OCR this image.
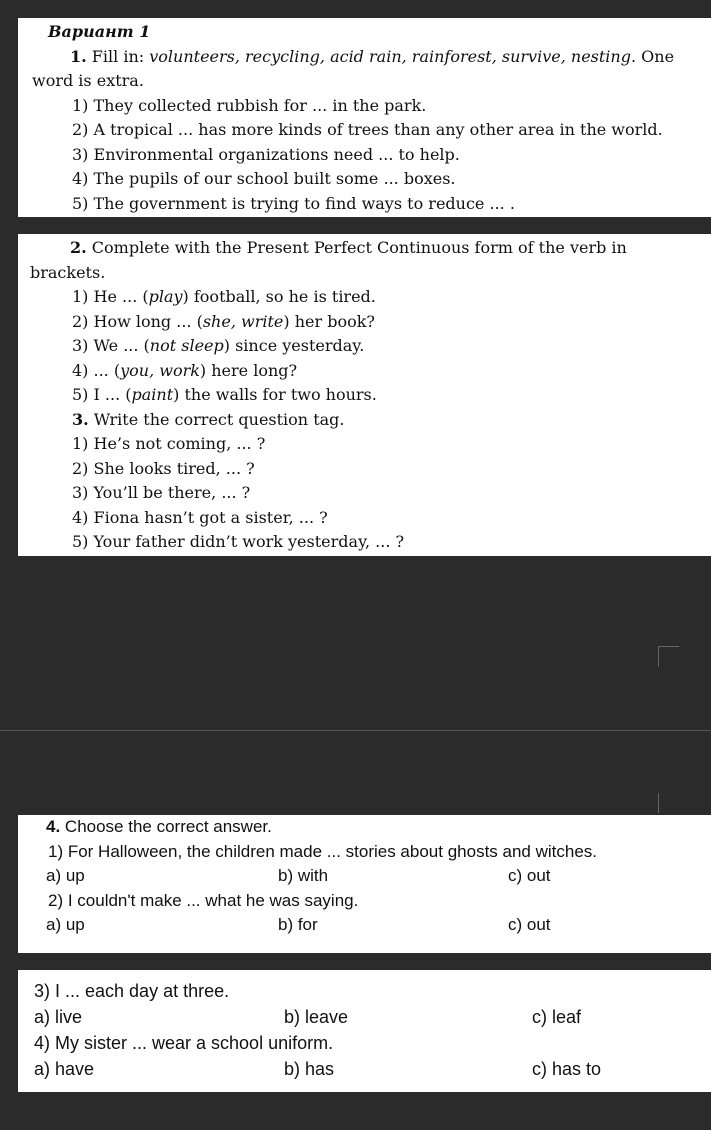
Вариант 1

1. Fill in: volunteers, recycling, acid rain, rainforest, survive, nesting. One word is extra.

1) They collected rubbish for ... in the park.
2) A tropical ... has more kinds of trees than any other area in the world.
3) Environmental organizations need ... to help.
4) The pupils of our school built some ... boxes.
5) The government is trying to find ways to reduce ... .

2. Complete with the Present Perfect Continuous form of the verb in brackets.

1) He ... (play) football, so he is tired.
2) How long ... (she, write) her book?
3) We ... (not sleep) since yesterday.
4) ... (you, work) here long?
5) I ... (paint) the walls for two hours.
3. Write the correct question tag.
1) He’s not coming, ... ?
2) She looks tired, ... ?
3) You’ll be there, ... ?
4) Fiona hasn’t got a sister, ... ?
5) Your father didn’t work yesterday, ... ?
4. Choose the correct answer.
1) For Halloween, the children made ... stories about ghosts and witches.
a) up	b) with	c) out
2) I couldn't make ... what he was saying.
a) up	b) for	c) out
3) I ... each day at three.
a) live	b) leave	c) leaf
4) My sister ... wear a school uniform.
a) have	b) has	c) has to
